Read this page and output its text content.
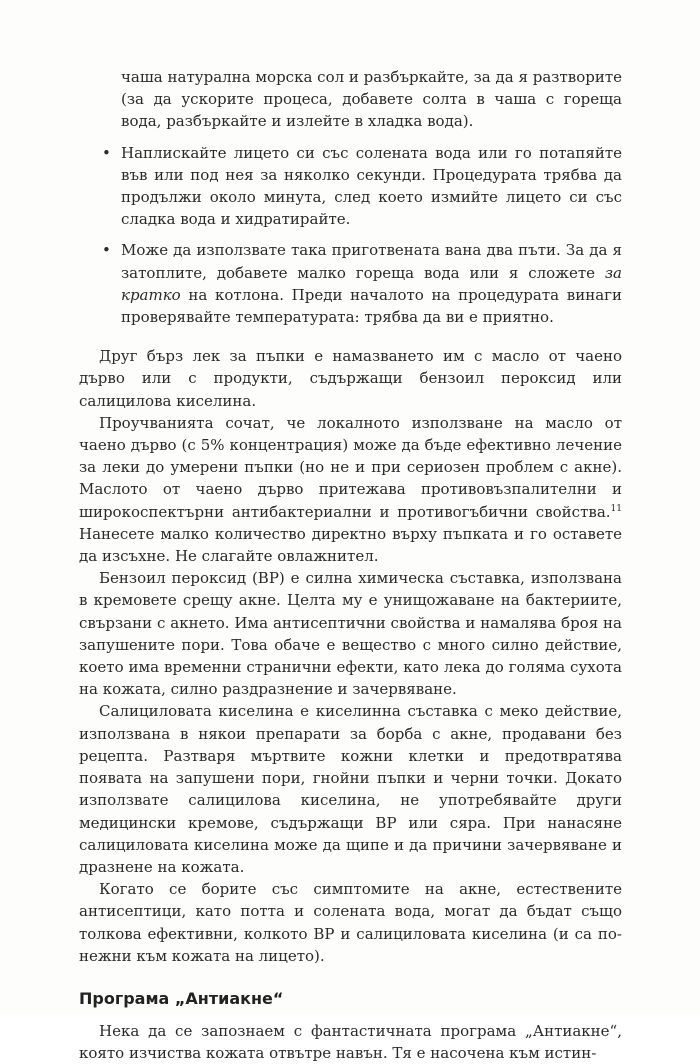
чаша натурална морска сол и разбъркайте, за да я разтворите (за да ускорите процеса, добавете солта в чаша с гореща вода, разбъркайте и излейте в хладка вода).
• Наплискайте лицето си със солената вода или го потапяйте във или под нея за няколко секунди. Процедурата трябва да продължи около минута, след което измийте лицето си със сладка вода и хидратирайте.
• Може да използвате така приготвената вана два пъти. За да я затоплите, добавете малко гореща вода или я сложете за кратко на котлона. Преди началото на процедурата винаги проверявайте температурата: трябва да ви е приятно.

Друг бърз лек за пъпки е намазването им с масло от чаено дърво или с продукти, съдържащи бензоил пероксид или салицилова киселина.

Проучванията сочат, че локалното използване на масло от чаено дърво (с 5% концентрация) може да бъде ефективно лечение за леки до умерени пъпки (но не и при сериозен проблем с акне). Маслото от чаено дърво притежава противовъзпалителни и широкоспектърни антибактериални и противогъбични свойства.$^{11}$ Нанесете малко количество директно върху пъпката и го оставете да изсъхне. Не слагайте овлажнител.

Бензоил пероксид (BP) е силна химическа съставка, използвана в кремовете срещу акне. Целта му е унищожаване на бактериите, свързани с акнето. Има антисептични свойства и намалява броя на запушените пори. Това обаче е вещество с много силно действие, което има временни странични ефекти, като лека до голяма сухота на кожата, силно раздразнение и зачервяване.

Салициловата киселина е киселинна съставка с меко действие, използвана в някои препарати за борба с акне, продавани без рецепта. Разтваря мъртвите кожни клетки и предотвратява появата на запушени пори, гнойни пъпки и черни точки. Докато използвате салицилова киселина, не употребявайте други медицински кремове, съдържащи BP или сяра. При нанасяне салициловата киселина може да щипе и да причини зачервяване и дразнене на кожата.

Когато се борите със симптомите на акне, естествените антисептици, като потта и солената вода, могат да бъдат също толкова ефективни, колкото BP и салициловата киселина (и са по-нежни към кожата на лицето).

Програма „Антиакне“

Нека да се запознаем с фантастичната програма „Антиакне“, която изчиства кожата отвътре навън. Тя е насочена към истин-
